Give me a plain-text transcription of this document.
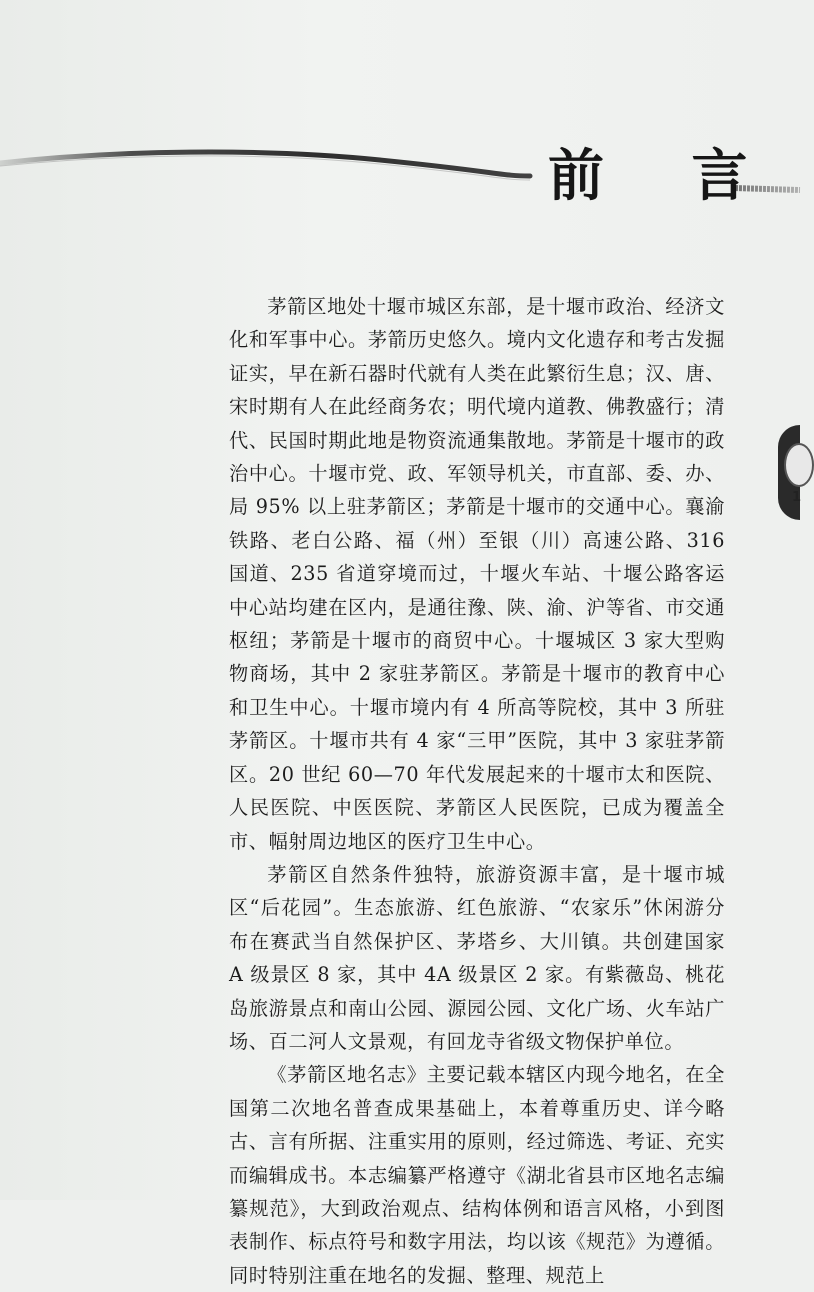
前 言
1

茅箭区地处十堰市城区东部，是十堰市政治、经济文化和军事中心。茅箭历史悠久。境内文化遗存和考古发掘证实，早在新石器时代就有人类在此繁衍生息；汉、唐、宋时期有人在此经商务农；明代境内道教、佛教盛行；清代、民国时期此地是物资流通集散地。茅箭是十堰市的政治中心。十堰市党、政、军领导机关，市直部、委、办、局 95% 以上驻茅箭区；茅箭是十堰市的交通中心。襄渝铁路、老白公路、福（州）至银（川）高速公路、316 国道、235 省道穿境而过，十堰火车站、十堰公路客运中心站均建在区内，是通往豫、陕、渝、沪等省、市交通枢纽；茅箭是十堰市的商贸中心。十堰城区 3 家大型购物商场，其中 2 家驻茅箭区。茅箭是十堰市的教育中心和卫生中心。十堰市境内有 4 所高等院校，其中 3 所驻茅箭区。十堰市共有 4 家“三甲”医院，其中 3 家驻茅箭区。20 世纪 60—70 年代发展起来的十堰市太和医院、人民医院、中医医院、茅箭区人民医院，已成为覆盖全市、幅射周边地区的医疗卫生中心。

茅箭区自然条件独特，旅游资源丰富，是十堰市城区“后花园”。生态旅游、红色旅游、“农家乐”休闲游分布在赛武当自然保护区、茅塔乡、大川镇。共创建国家 A 级景区 8 家，其中 4A 级景区 2 家。有紫薇岛、桃花岛旅游景点和南山公园、源园公园、文化广场、火车站广场、百二河人文景观，有回龙寺省级文物保护单位。

《茅箭区地名志》主要记载本辖区内现今地名，在全国第二次地名普查成果基础上，本着尊重历史、详今略古、言有所据、注重实用的原则，经过筛选、考证、充实而编辑成书。本志编纂严格遵守《湖北省县市区地名志编纂规范》，大到政治观点、结构体例和语言风格，小到图表制作、标点符号和数字用法，均以该《规范》为遵循。同时特别注重在地名的发掘、整理、规范上
